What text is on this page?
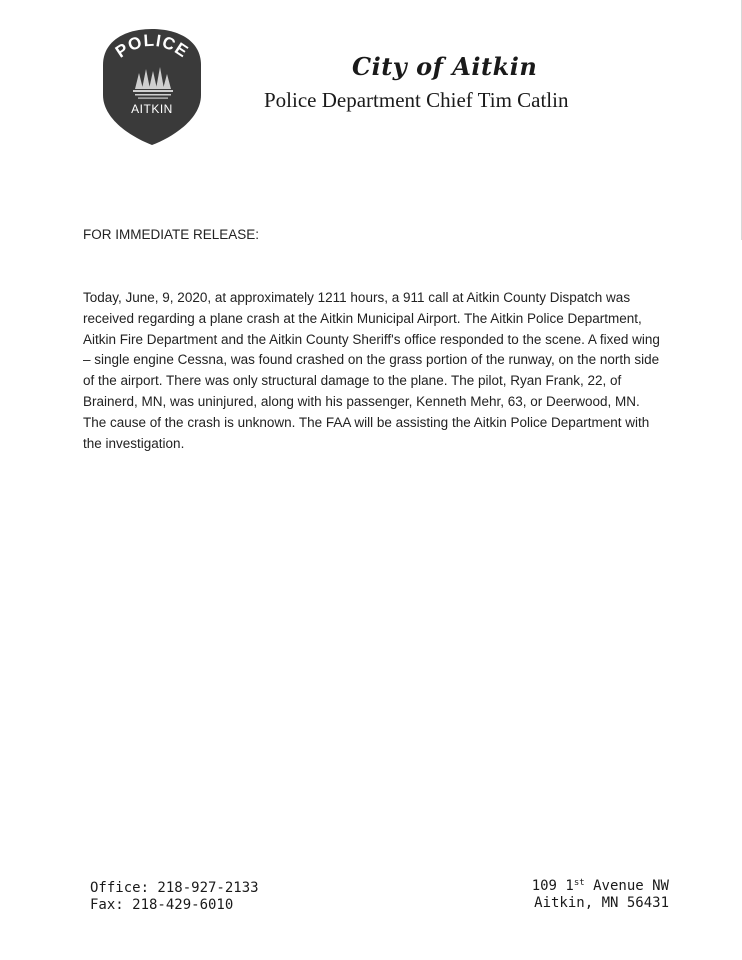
POLICE
AITKIN
City of Aitkin
Police Department Chief Tim Catlin
FOR IMMEDIATE RELEASE:

Today, June, 9, 2020, at approximately 1211 hours, a 911 call at Aitkin County Dispatch was received regarding a plane crash at the Aitkin Municipal Airport. The Aitkin Police Department, Aitkin Fire Department and the Aitkin County Sheriff's office responded to the scene. A fixed wing – single engine Cessna, was found crashed on the grass portion of the runway, on the north side of the airport. There was only structural damage to the plane. The pilot, Ryan Frank, 22, of Brainerd, MN, was uninjured, along with his passenger, Kenneth Mehr, 63, or Deerwood, MN. The cause of the crash is unknown. The FAA will be assisting the Aitkin Police Department with the investigation.

Office: 218-927-2133
Fax: 218-429-6010
109 1st Avenue NW
Aitkin, MN 56431
